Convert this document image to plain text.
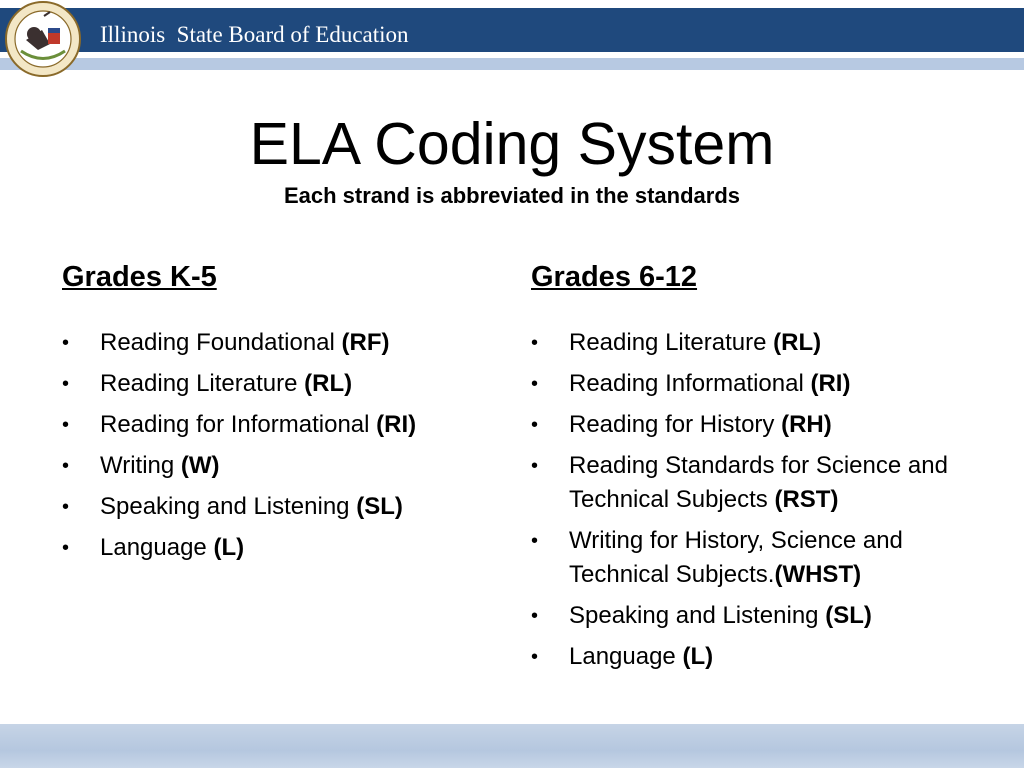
Illinois  State Board of Education
ELA Coding System
Each strand is abbreviated in the standards
Grades K-5
•	Reading Foundational (RF)
•	Reading Literature (RL)
•	Reading for Informational (RI)
•	Writing (W)
•	Speaking and Listening (SL)
•	Language (L)
Grades 6-12
•	Reading Literature (RL)
•	Reading Informational (RI)
•	Reading for History (RH)
•	Reading Standards for Science and Technical Subjects (RST)
•	Writing for History, Science and Technical Subjects.(WHST)
•	Speaking and Listening (SL)
•	Language (L)
